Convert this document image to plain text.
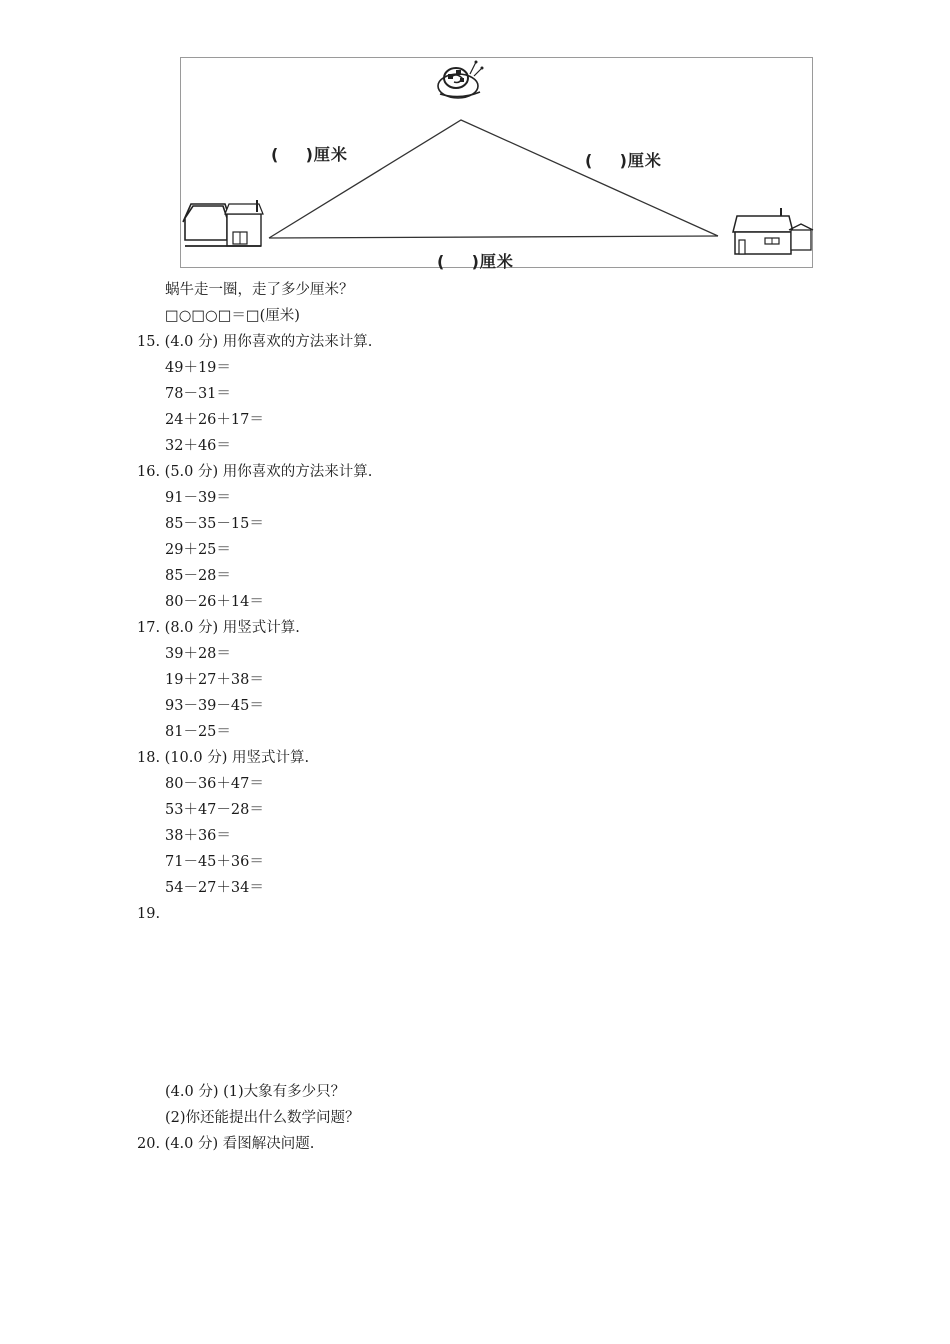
(    )厘米	(    )厘米
(    )厘米
蜗牛走一圈，走了多少厘米？
□○□○□＝□(厘米)
15. (4.0 分) 用你喜欢的方法来计算.
49＋19＝
78－31＝
24＋26＋17＝
32＋46＝
16. (5.0 分) 用你喜欢的方法来计算.
91－39＝
85－35－15＝
29＋25＝
85－28＝
80－26＋14＝
17. (8.0 分) 用竖式计算.
39＋28＝
19＋27＋38＝
93－39－45＝
81－25＝
18. (10.0 分) 用竖式计算.
80－36＋47＝
53＋47－28＝
38＋36＝
71－45＋36＝
54－27＋34＝
19.
(4.0 分) (1)大象有多少只？
(2)你还能提出什么数学问题？
20. (4.0 分) 看图解决问题.
